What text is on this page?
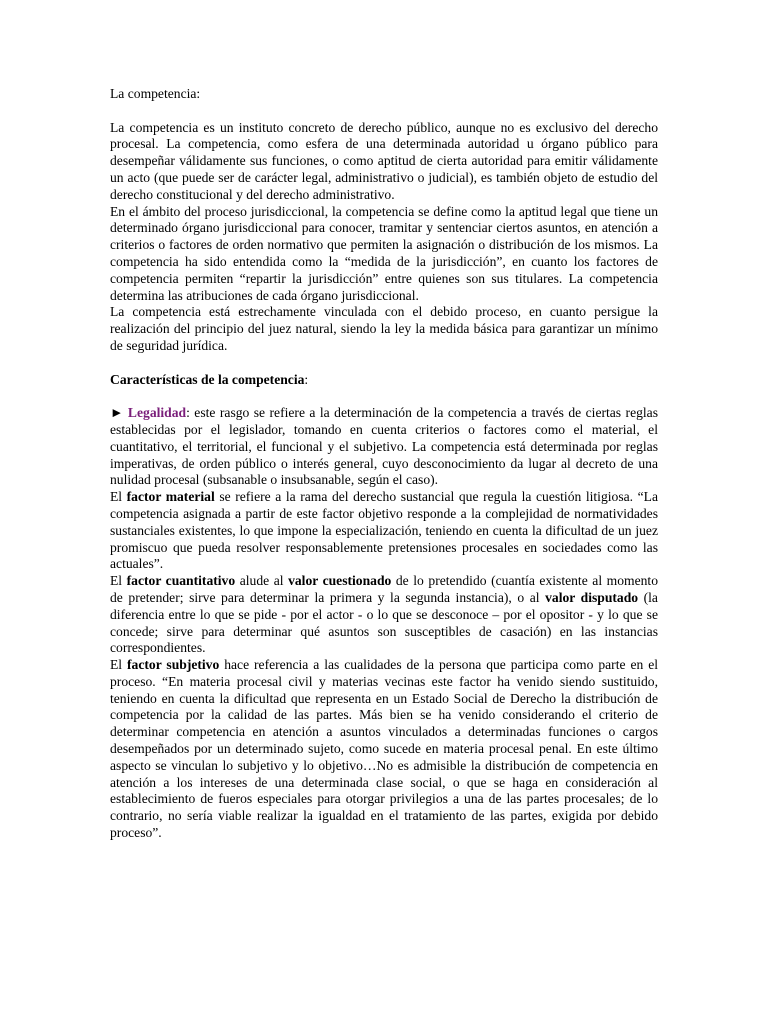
La competencia:

La competencia es un instituto concreto de derecho público, aunque no es exclusivo del derecho procesal. La competencia, como esfera de una determinada autoridad u órgano público para desempeñar válidamente sus funciones, o como aptitud de cierta autoridad para emitir válidamente un acto (que puede ser de carácter legal, administrativo o judicial), es también objeto de estudio del derecho constitucional y del derecho administrativo.

En el ámbito del proceso jurisdiccional, la competencia se define como la aptitud legal que tiene un determinado órgano jurisdiccional para conocer, tramitar y sentenciar ciertos asuntos, en atención a criterios o factores de orden normativo que permiten la asignación o distribución de los mismos. La competencia ha sido entendida como la “medida de la jurisdicción”, en cuanto los factores de competencia permiten “repartir la jurisdicción” entre quienes son sus titulares. La competencia determina las atribuciones de cada órgano jurisdiccional.

La competencia está estrechamente vinculada con el debido proceso, en cuanto persigue la realización del principio del juez natural, siendo la ley la medida básica para garantizar un mínimo de seguridad jurídica.

Características de la competencia:

► Legalidad: este rasgo se refiere a la determinación de la competencia a través de ciertas reglas establecidas por el legislador, tomando en cuenta criterios o factores como el material, el cuantitativo, el territorial, el funcional y el subjetivo. La competencia está determinada por reglas imperativas, de orden público o interés general, cuyo desconocimiento da lugar al decreto de una nulidad procesal (subsanable o insubsanable, según el caso).

El factor material se refiere a la rama del derecho sustancial que regula la cuestión litigiosa. “La competencia asignada a partir de este factor objetivo responde a la complejidad de normatividades sustanciales existentes, lo que impone la especialización, teniendo en cuenta la dificultad de un juez promiscuo que pueda resolver responsablemente pretensiones procesales en sociedades como las actuales”.

El factor cuantitativo alude al valor cuestionado de lo pretendido (cuantía existente al momento de pretender; sirve para determinar la primera y la segunda instancia), o al valor disputado (la diferencia entre lo que se pide - por el actor - o lo que se desconoce – por el opositor - y lo que se concede; sirve para determinar qué asuntos son susceptibles de casación) en las instancias correspondientes.

El factor subjetivo hace referencia a las cualidades de la persona que participa como parte en el proceso. “En materia procesal civil y materias vecinas este factor ha venido siendo sustituido, teniendo en cuenta la dificultad que representa en un Estado Social de Derecho la distribución de competencia por la calidad de las partes. Más bien se ha venido considerando el criterio de determinar competencia en atención a asuntos vinculados a determinadas funciones o cargos desempeñados por un determinado sujeto, como sucede en materia procesal penal. En este último aspecto se vinculan lo subjetivo y lo objetivo…No es admisible la distribución de competencia en atención a los intereses de una determinada clase social, o que se haga en consideración al establecimiento de fueros especiales para otorgar privilegios a una de las partes procesales; de lo contrario, no sería viable realizar la igualdad en el tratamiento de las partes, exigida por debido proceso”.
